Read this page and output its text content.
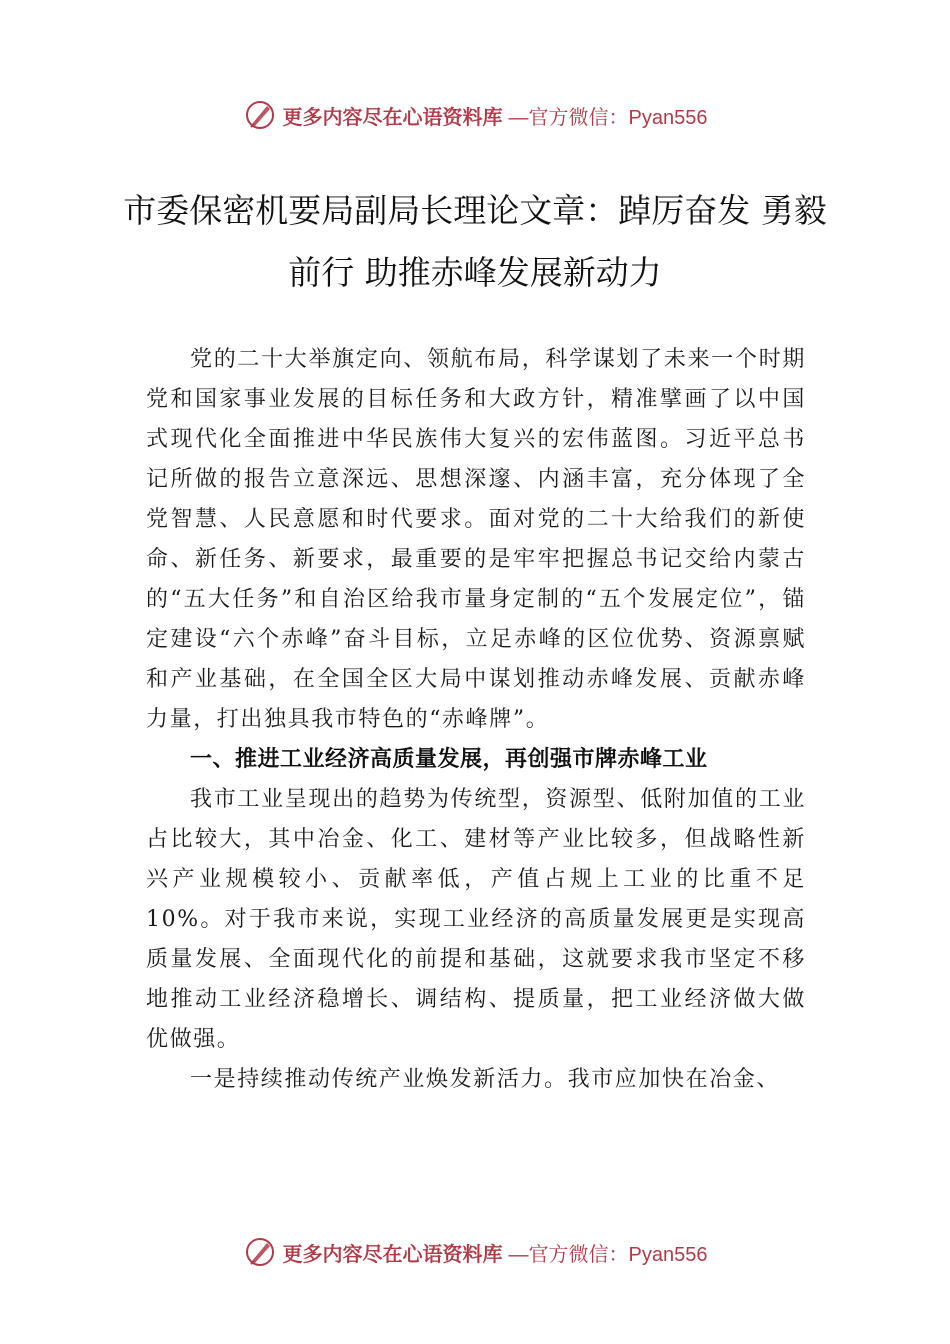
更多内容尽在心语资料库 —官方微信：Pyan556
市委保密机要局副局长理论文章：踔厉奋发 勇毅前行 助推赤峰发展新动力

党的二十大举旗定向、领航布局，科学谋划了未来一个时期党和国家事业发展的目标任务和大政方针，精准擘画了以中国式现代化全面推进中华民族伟大复兴的宏伟蓝图。习近平总书记所做的报告立意深远、思想深邃、内涵丰富，充分体现了全党智慧、人民意愿和时代要求。面对党的二十大给我们的新使命、新任务、新要求，最重要的是牢牢把握总书记交给内蒙古的“五大任务”和自治区给我市量身定制的“五个发展定位”，锚定建设“六个赤峰”奋斗目标，立足赤峰的区位优势、资源禀赋和产业基础，在全国全区大局中谋划推动赤峰发展、贡献赤峰力量，打出独具我市特色的“赤峰牌”。

一、推进工业经济高质量发展，再创强市牌赤峰工业

我市工业呈现出的趋势为传统型，资源型、低附加值的工业占比较大，其中冶金、化工、建材等产业比较多，但战略性新兴产业规模较小、贡献率低，产值占规上工业的比重不足 10%。对于我市来说，实现工业经济的高质量发展更是实现高质量发展、全面现代化的前提和基础，这就要求我市坚定不移地推动工业经济稳增长、调结构、提质量，把工业经济做大做优做强。

一是持续推动传统产业焕发新活力。我市应加快在冶金、

更多内容尽在心语资料库 —官方微信：Pyan556
